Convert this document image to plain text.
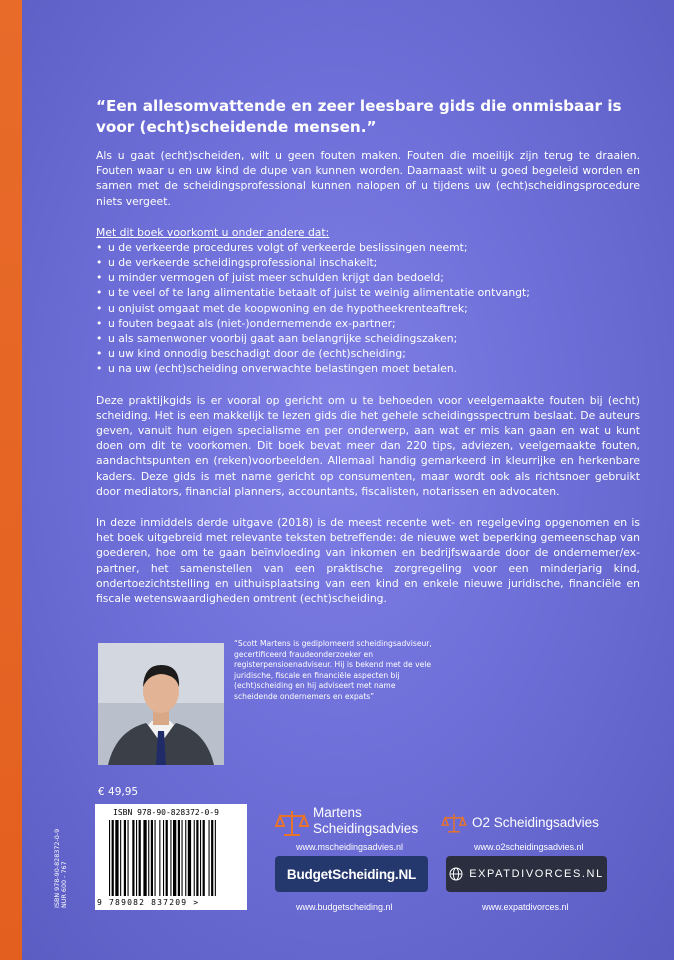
“Een allesomvattende en zeer leesbare gids die onmisbaar is voor (echt)scheidende mensen.”

Als u gaat (echt)scheiden, wilt u geen fouten maken. Fouten die moeilijk zijn terug te draaien. Fouten waar u en uw kind de dupe van kunnen worden. Daarnaast wilt u goed begeleid worden en samen met de scheidingsprofessional kunnen nalopen of u tijdens uw (echt)scheidingsprocedure niets vergeet.

Met dit boek voorkomt u onder andere dat:
• u de verkeerde procedures volgt of verkeerde beslissingen neemt;
• u de verkeerde scheidingsprofessional inschakelt;
• u minder vermogen of juist meer schulden krijgt dan bedoeld;
• u te veel of te lang alimentatie betaalt of juist te weinig alimentatie ontvangt;
• u onjuist omgaat met de koopwoning en de hypotheekrenteaftrek;
• u fouten begaat als (niet-)ondernemende ex-partner;
• u als samenwoner voorbij gaat aan belangrijke scheidingszaken;
• u uw kind onnodig beschadigt door de (echt)scheiding;
• u na uw (echt)scheiding onverwachte belastingen moet betalen.

Deze praktijkgids is er vooral op gericht om u te behoeden voor veelgemaakte fouten bij (echt) scheiding. Het is een makkelijk te lezen gids die het gehele scheidingsspectrum beslaat. De auteurs geven, vanuit hun eigen specialisme en per onderwerp, aan wat er mis kan gaan en wat u kunt doen om dit te voorkomen. Dit boek bevat meer dan 220 tips, adviezen, veelgemaakte fouten, aandachtspunten en (reken)voorbeelden. Allemaal handig gemarkeerd in kleurrijke en herkenbare kaders. Deze gids is met name gericht op consumenten, maar wordt ook als richtsnoer gebruikt door mediators, financial planners, accountants, fiscalisten, notarissen en advocaten.

In deze inmiddels derde uitgave (2018) is de meest recente wet- en regelgeving opgenomen en is het boek uitgebreid met relevante teksten betreffende: de nieuwe wet beperking gemeenschap van goederen, hoe om te gaan beïnvloeding van inkomen en bedrijfswaarde door de ondernemer/ex-partner, het samenstellen van een praktische zorgregeling voor een minderjarig kind, ondertoezichtstelling en uithuisplaatsing van een kind en enkele nieuwe juridische, financiële en fiscale wetenswaardigheden omtrent (echt)scheiding.

“Scott Martens is gediplomeerd scheidingsadviseur, gecertificeerd fraudeonderzoeker en registerpensioenadviseur. Hij is bekend met de vele juridische, fiscale en financiële aspecten bij (echt)scheiding en hij adviseert met name scheidende ondernemers en expats”
€ 49,95
ISBN 978-90-828372-0-9 NUR 600 - 767
ISBN 978-90-828372-0-9
9 789082 837209 >
Martens
Scheidingsadvies
www.mscheidingsadvies.nl
O2 Scheidingsadvies
www.o2scheidingsadvies.nl
BudgetScheiding.NL
www.budgetscheiding.nl
EXPATDIVORCES.NL
www.expatdivorces.nl
